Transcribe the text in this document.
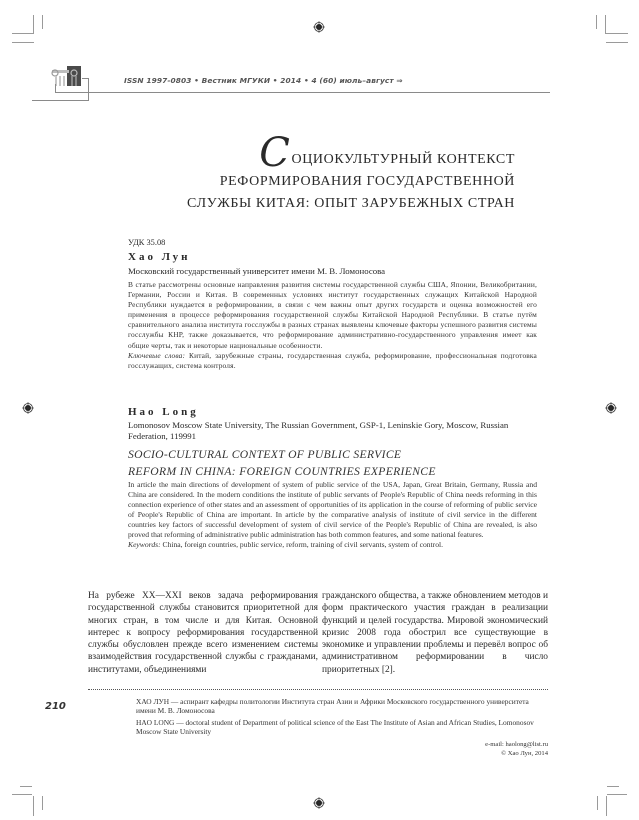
ISSN 1997-0803 • Вестник МГУКИ • 2014 • 4 (60) июль–август ⇒
СОЦИОКУЛЬТУРНЫЙ КОНТЕКСТ
РЕФОРМИРОВАНИЯ ГОСУДАРСТВЕННОЙ
СЛУЖБЫ КИТАЯ: ОПЫТ ЗАРУБЕЖНЫХ СТРАН
УДК 35.08
Хао Лун
Московский государственный университет имени М. В. Ломоносова
В статье рассмотрены основные направления развития системы государственной службы США, Японии, Великобритании, Германии, России и Китая. В современных условиях институт государственных служащих Китайской Народной Республики нуждается в реформировании, в связи с чем важны опыт других государств и оценка возможностей его применения в процессе реформирования государственной службы Китайской Народной Республики. В статье путём сравнительного анализа института госслужбы в разных странах выявлены ключевые факторы успешного развития системы госслужбы КНР, также доказывается, что реформирование административно-государственного управления имеет как общие черты, так и некоторые национальные особенности.
Ключевые слова: Китай, зарубежные страны, государственная служба, реформирование, профессиональная подготовка госслужащих, система контроля.
Hao Long
Lomonosov Moscow State University, The Russian Government, GSP-1, Leninskie Gory, Moscow, Russian Federation, 119991
SOCIO-CULTURAL CONTEXT OF PUBLIC SERVICE
REFORM IN CHINA: FOREIGN COUNTRIES EXPERIENCE
In article the main directions of development of system of public service of the USA, Japan, Great Britain, Germany, Russia and China are considered. In the modern conditions the institute of public servants of People's Republic of China needs reforming in this connection experience of other states and an assessment of opportunities of its application in the course of reforming of public service of People's Republic of China are important. In article by the comparative analysis of institute of civil service in the different countries key factors of successful development of system of civil service of the People's Republic of China are revealed, is also proved that reforming of administrative public administration has both common features, and some national features.
Keywords: China, foreign countries, public service, reform, training of civil servants, system of control.
На рубеже XX—XXI веков задача реформирования государственной службы становится приоритетной для многих стран, в том числе и для Китая. Основной интерес к вопросу реформирования государственной службы обусловлен прежде всего изменением системы взаимодействия государственной службы с гражданами, институтами, объединениями
гражданского общества, а также обновлением методов и форм практического участия граждан в реализации функций и целей государства. Мировой экономический кризис 2008 года обострил все существующие в экономике и управлении проблемы и перевёл вопрос об административном реформировании в число приоритетных [2].
210	ХАО ЛУН — аспирант кафедры политологии Института стран Азии и Африки Московского государственного университета имени М. В. Ломоносова
HAO LONG — doctoral student of Department of political science of the East The Institute of Asian and African Studies, Lomonosov Moscow State University
e-mail: haolong@list.ru
© Хао Лун, 2014
